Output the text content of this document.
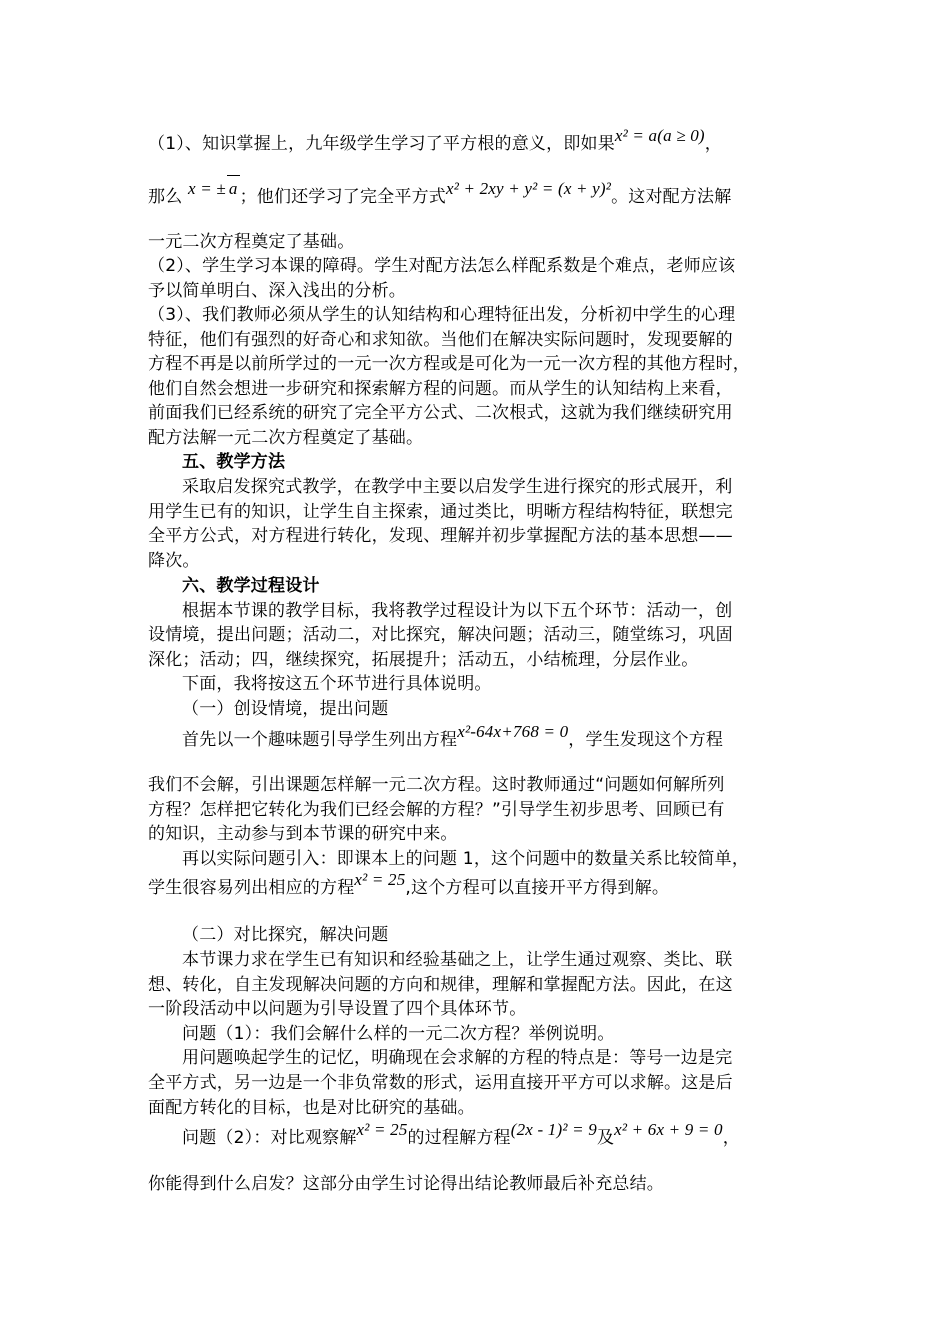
（1）、知识掌握上，九年级学生学习了平方根的意义，即如果x² = a(a ≥ 0)，
那么 x = ± a ；他们还学习了完全平方式x² + 2xy + y² = (x + y)²。这对配方法解
一元二次方程奠定了基础。
（2）、学生学习本课的障碍。学生对配方法怎么样配系数是个难点，老师应该
予以简单明白、深入浅出的分析。
（3）、我们教师必须从学生的认知结构和心理特征出发，分析初中学生的心理
特征，他们有强烈的好奇心和求知欲。当他们在解决实际问题时，发现要解的
方程不再是以前所学过的一元一次方程或是可化为一元一次方程的其他方程时，
他们自然会想进一步研究和探索解方程的问题。而从学生的认知结构上来看，
前面我们已经系统的研究了完全平方公式、二次根式，这就为我们继续研究用
配方法解一元二次方程奠定了基础。
五、教学方法
采取启发探究式教学，在教学中主要以启发学生进行探究的形式展开，利
用学生已有的知识，让学生自主探索，通过类比，明晰方程结构特征，联想完
全平方公式，对方程进行转化，发现、理解并初步掌握配方法的基本思想——
降次。
六、教学过程设计
根据本节课的教学目标，我将教学过程设计为以下五个环节：活动一，创
设情境，提出问题；活动二，对比探究，解决问题；活动三，随堂练习，巩固
深化；活动；四，继续探究，拓展提升；活动五，小结梳理，分层作业。
下面，我将按这五个环节进行具体说明。
（一）创设情境，提出问题
首先以一个趣味题引导学生列出方程x²-64x+768 = 0，学生发现这个方程
我们不会解，引出课题怎样解一元二次方程。这时教师通过“问题如何解所列
方程？怎样把它转化为我们已经会解的方程？”引导学生初步思考、回顾已有
的知识，主动参与到本节课的研究中来。
再以实际问题引入：即课本上的问题 1，这个问题中的数量关系比较简单，
学生很容易列出相应的方程x² = 25,这个方程可以直接开平方得到解。
（二）对比探究，解决问题
本节课力求在学生已有知识和经验基础之上，让学生通过观察、类比、联
想、转化，自主发现解决问题的方向和规律，理解和掌握配方法。因此，在这
一阶段活动中以问题为引导设置了四个具体环节。
问题（1）：我们会解什么样的一元二次方程？举例说明。
用问题唤起学生的记忆，明确现在会求解的方程的特点是：等号一边是完
全平方式，另一边是一个非负常数的形式，运用直接开平方可以求解。这是后
面配方转化的目标，也是对比研究的基础。
问题（2）：对比观察解x² = 25的过程解方程(2x - 1)² = 9及x² + 6x + 9 = 0，
你能得到什么启发？这部分由学生讨论得出结论教师最后补充总结。
